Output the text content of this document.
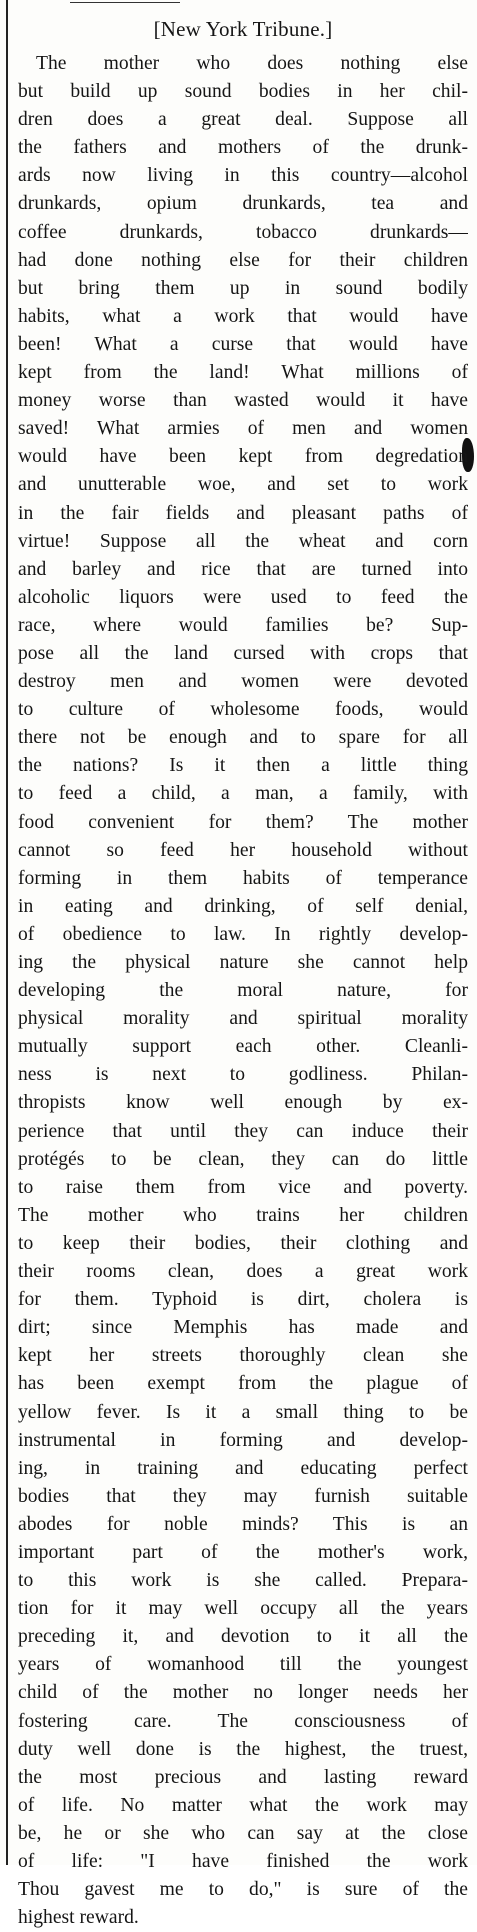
[New York Tribune.]
The mother who does nothing else
but build up sound bodies in her chil-
dren does a great deal. Suppose all
the fathers and mothers of the drunk-
ards now living in this country—alcohol
drunkards, opium drunkards, tea and
coffee drunkards, tobacco drunkards—
had done nothing else for their children
but bring them up in sound bodily
habits, what a work that would have
been! What a curse that would have
kept from the land! What millions of
money worse than wasted would it have
saved! What armies of men and women
would have been kept from degredation
and unutterable woe, and set to work
in the fair fields and pleasant paths of
virtue! Suppose all the wheat and corn
and barley and rice that are turned into
alcoholic liquors were used to feed the
race, where would families be? Sup-
pose all the land cursed with crops that
destroy men and women were devoted
to culture of wholesome foods, would
there not be enough and to spare for all
the nations? Is it then a little thing
to feed a child, a man, a family, with
food convenient for them? The mother
cannot so feed her household without
forming in them habits of temperance
in eating and drinking, of self denial,
of obedience to law. In rightly develop-
ing the physical nature she cannot help
developing the moral nature, for
physical morality and spiritual morality
mutually support each other. Cleanli-
ness is next to godliness. Philan-
thropists know well enough by ex-
perience that until they can induce their
protégés to be clean, they can do little
to raise them from vice and poverty.
The mother who trains her children
to keep their bodies, their clothing and
their rooms clean, does a great work
for them. Typhoid is dirt, cholera is
dirt; since Memphis has made and
kept her streets thoroughly clean she
has been exempt from the plague of
yellow fever. Is it a small thing to be
instrumental in forming and develop-
ing, in training and educating perfect
bodies that they may furnish suitable
abodes for noble minds? This is an
important part of the mother's work,
to this work is she called. Prepara-
tion for it may well occupy all the years
preceding it, and devotion to it all the
years of womanhood till the youngest
child of the mother no longer needs her
fostering care. The consciousness of
duty well done is the highest, the truest,
the most precious and lasting reward
of life. No matter what the work may
be, he or she who can say at the close
of life: "I have finished the work
Thou gavest me to do," is sure of the
highest reward.
